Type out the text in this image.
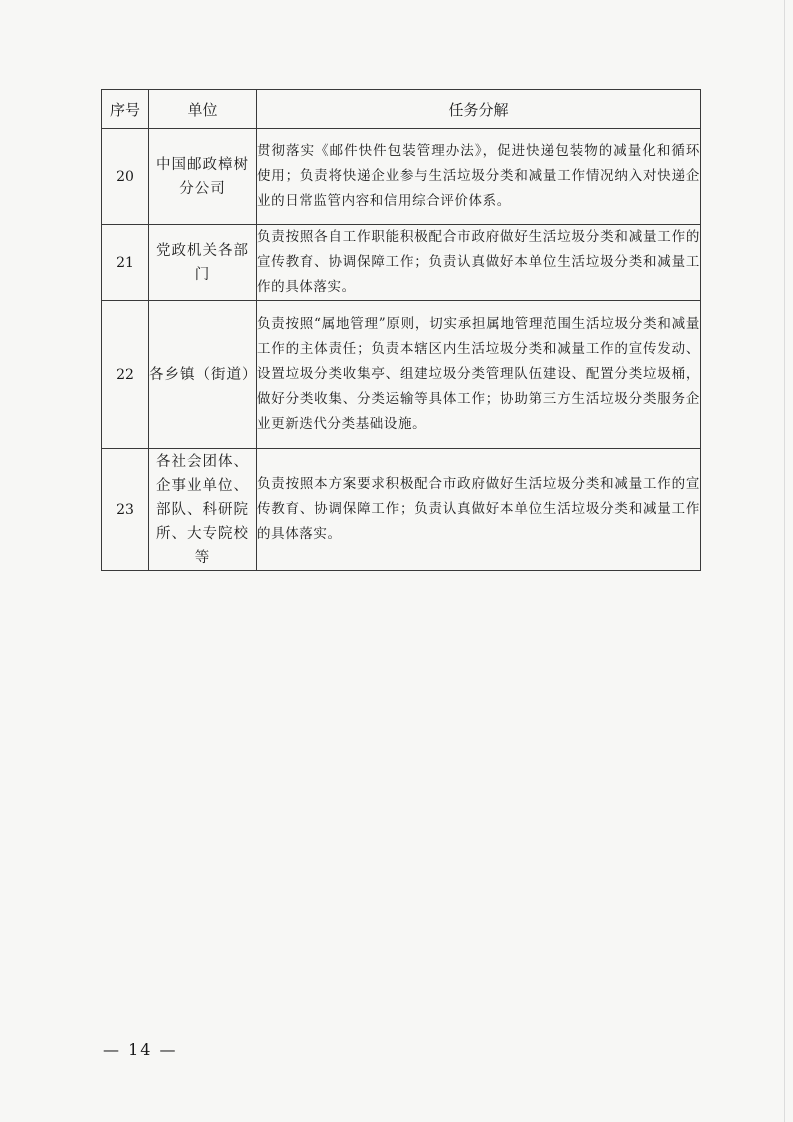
序号	单位	任务分解
20	中国邮政樟树分公司	贯彻落实《邮件快件包装管理办法》，促进快递包装物的减量化和循环使用；负责将快递企业参与生活垃圾分类和减量工作情况纳入对快递企业的日常监管内容和信用综合评价体系。
21	党政机关各部门	负责按照各自工作职能积极配合市政府做好生活垃圾分类和减量工作的宣传教育、协调保障工作；负责认真做好本单位生活垃圾分类和减量工作的具体落实。
22	各乡镇（街道）	负责按照“属地管理”原则，切实承担属地管理范围生活垃圾分类和减量工作的主体责任；负责本辖区内生活垃圾分类和减量工作的宣传发动、设置垃圾分类收集亭、组建垃圾分类管理队伍建设、配置分类垃圾桶，做好分类收集、分类运输等具体工作；协助第三方生活垃圾分类服务企业更新迭代分类基础设施。
23	各社会团体、企事业单位、部队、科研院所、大专院校等	负责按照本方案要求积极配合市政府做好生活垃圾分类和减量工作的宣传教育、协调保障工作；负责认真做好本单位生活垃圾分类和减量工作的具体落实。
— 14 —
